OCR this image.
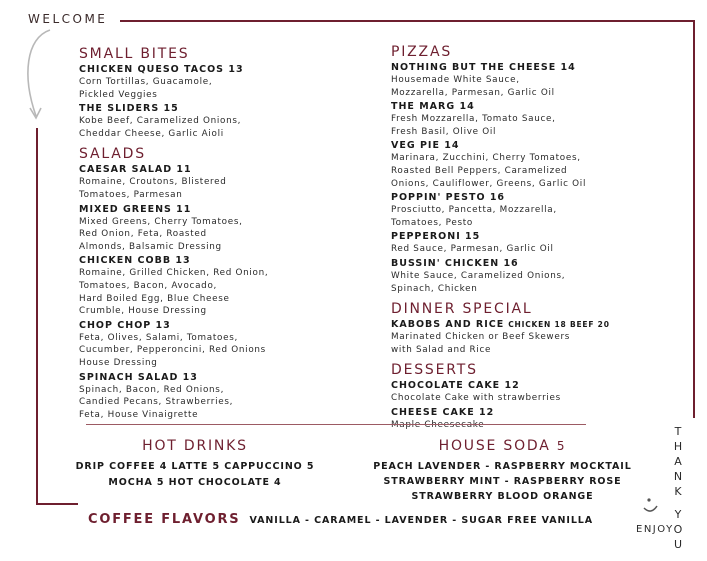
WELCOME
SMALL BITES
CHICKEN QUESO TACOS 13
Corn Tortillas, Guacamole,
Pickled Veggies
THE SLIDERS 15
Kobe Beef, Caramelized Onions,
Cheddar Cheese, Garlic Aioli
SALADS
CAESAR SALAD 11
Romaine, Croutons, Blistered
Tomatoes, Parmesan
MIXED GREENS 11
Mixed Greens, Cherry Tomatoes,
Red Onion, Feta, Roasted
Almonds, Balsamic Dressing
CHICKEN COBB 13
Romaine, Grilled Chicken, Red Onion,
Tomatoes, Bacon, Avocado,
Hard Boiled Egg, Blue Cheese
Crumble, House Dressing
CHOP CHOP 13
Feta, Olives, Salami, Tomatoes,
Cucumber, Pepperoncini, Red Onions
House Dressing
SPINACH SALAD 13
Spinach, Bacon, Red Onions,
Candied Pecans, Strawberries,
Feta, House Vinaigrette
PIZZAS
NOTHING BUT THE CHEESE 14
Housemade White Sauce,
Mozzarella, Parmesan, Garlic Oil
THE MARG 14
Fresh Mozzarella, Tomato Sauce,
Fresh Basil, Olive Oil
VEG PIE 14
Marinara, Zucchini, Cherry Tomatoes,
Roasted Bell Peppers, Caramelized
Onions, Cauliflower, Greens, Garlic Oil
POPPIN' PESTO 16
Prosciutto, Pancetta, Mozzarella,
Tomatoes, Pesto
PEPPERONI 15
Red Sauce, Parmesan, Garlic Oil
BUSSIN' CHICKEN 16
White Sauce, Caramelized Onions,
Spinach, Chicken
DINNER SPECIAL
KABOBS AND RICE CHICKEN 18 BEEF 20
Marinated Chicken or Beef Skewers
with Salad and Rice
DESSERTS
CHOCOLATE CAKE 12
Chocolate Cake with strawberries
CHEESE CAKE 12
HOT DRINKS
DRIP COFFEE 4 LATTE 5 CAPPUCCINO 5
MOCHA 5 HOT CHOCOLATE 4
HOUSE SODA 5
PEACH LAVENDER - RASPBERRY MOCKTAIL
STRAWBERRY MINT - RASPBERRY ROSE
STRAWBERRY BLOOD ORANGE
COFFEE FLAVORS VANILLA - CARAMEL - LAVENDER - SUGAR FREE VANILLA
T
H
A
N
K
Y
O
U
ENJOY
